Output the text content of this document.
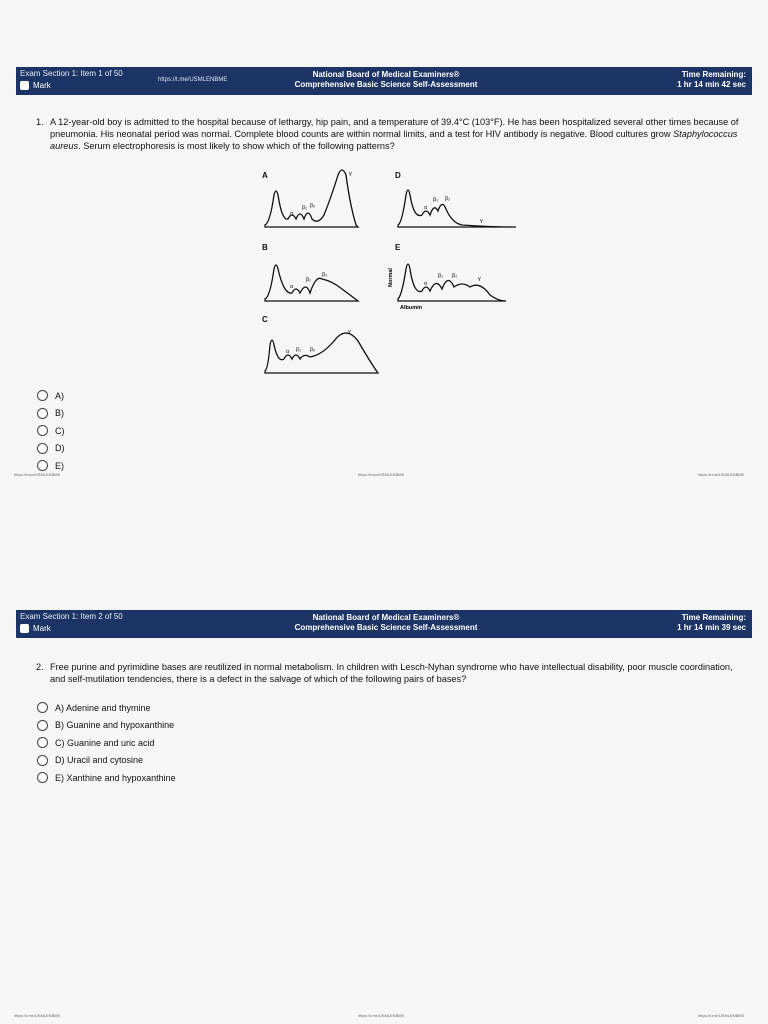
Exam Section 1: Item 1 of 50
Mark
https://t.me/USMLENBME
National Board of Medical Examiners®
Comprehensive Basic Science Self-Assessment
Time Remaining:
1 hr 14 min 42 sec
1. A 12-year-old boy is admitted to the hospital because of lethargy, hip pain, and a temperature of 39.4°C (103°F). He has been hospitalized several other times because of pneumonia. His neonatal period was normal. Complete blood counts are within normal limits, and a test for HIV antibody is negative. Blood cultures grow Staphylococcus aureus. Serum electrophoresis is most likely to show which of the following patterns?
A
B
C
D
E
α
β₁ β₂
γ
α
β₁
β₂
α β₁ β₂
γ
α
β₁ β₂
γ
α
β₁ β₂	γ
Normal
Albumin
A)
B)
C)
D)
E)
https://t.me/USMLENBME	https://t.me/USMLENBME	https://t.me/USMLENBME
Exam Section 1: Item 2 of 50
Mark
National Board of Medical Examiners®
Comprehensive Basic Science Self-Assessment
Time Remaining:
1 hr 14 min 39 sec
2. Free purine and pyrimidine bases are reutilized in normal metabolism. In children with Lesch-Nyhan syndrome who have intellectual disability, poor muscle coordination, and self-mutilation tendencies, there is a defect in the salvage of which of the following pairs of bases?
A) Adenine and thymine
B) Guanine and hypoxanthine
C) Guanine and uric acid
D) Uracil and cytosine
E) Xanthine and hypoxanthine
https://t.me/USMLENBME	https://t.me/USMLENBME	https://t.me/USMLENBME
